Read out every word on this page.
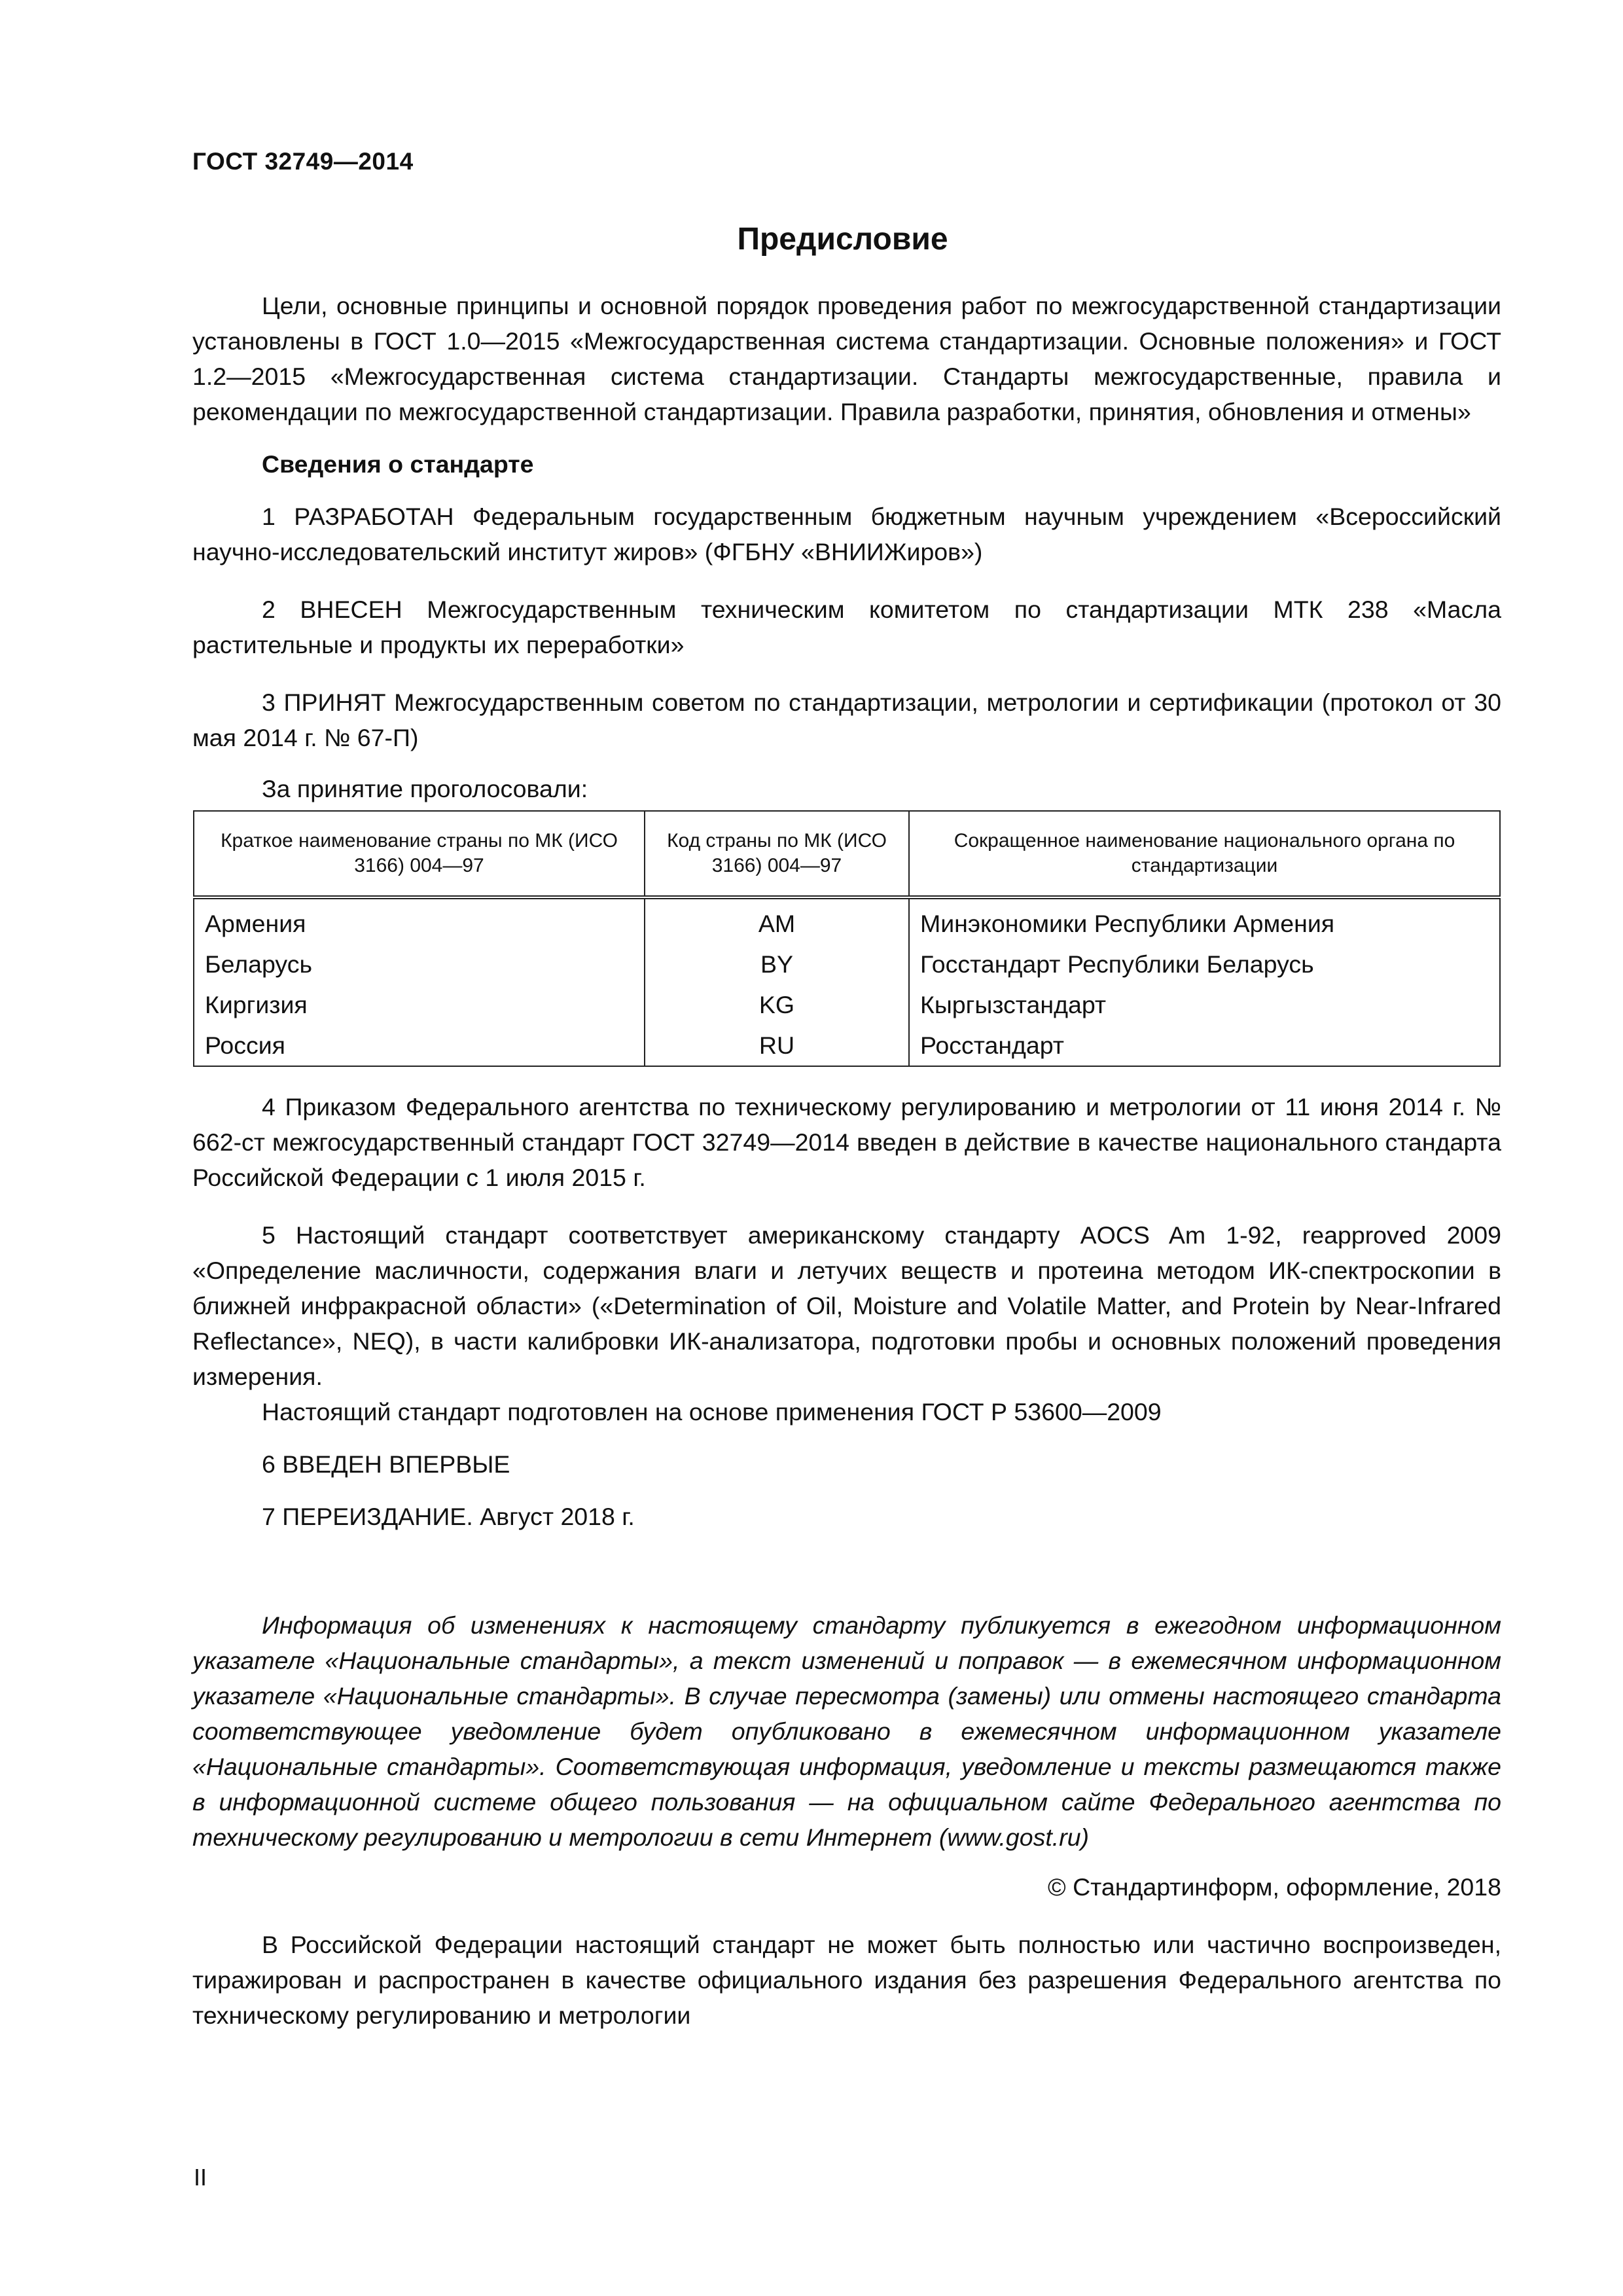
ГОСТ 32749—2014
Предисловие

Цели, основные принципы и основной порядок проведения работ по межгосударственной стандартизации установлены в ГОСТ 1.0—2015 «Межгосударственная система стандартизации. Основные положения» и ГОСТ 1.2—2015 «Межгосударственная система стандартизации. Стандарты межгосударственные, правила и рекомендации по межгосударственной стандартизации. Правила разработки, принятия, обновления и отмены»

Сведения о стандарте

1 РАЗРАБОТАН Федеральным государственным бюджетным научным учреждением «Всероссийский научно-исследовательский институт жиров» (ФГБНУ «ВНИИЖиров»)

2 ВНЕСЕН Межгосударственным техническим комитетом по стандартизации МТК 238 «Масла растительные и продукты их переработки»

3 ПРИНЯТ Межгосударственным советом по стандартизации, метрологии и сертификации (протокол от 30 мая 2014 г. № 67-П)

За принятие проголосовали:
Краткое наименование страны по МК (ИСО 3166) 004—97	Код страны по МК (ИСО 3166) 004—97	Сокращенное наименование национального органа по стандартизации
Армения	AM	Минэкономики Республики Армения
Беларусь	BY	Госстандарт Республики Беларусь
Киргизия	KG	Кыргызстандарт
Россия	RU	Росстандарт

4 Приказом Федерального агентства по техническому регулированию и метрологии от 11 июня 2014 г. № 662-ст межгосударственный стандарт ГОСТ 32749—2014 введен в действие в качестве национального стандарта Российской Федерации с 1 июля 2015 г.

5 Настоящий стандарт соответствует американскому стандарту AOCS Am 1-92, reapproved 2009 «Определение масличности, содержания влаги и летучих веществ и протеина методом ИК-спектроскопии в ближней инфракрасной области» («Determination of Oil, Moisture and Volatile Matter, and Protein by Near-Infrared Reflectance», NEQ), в части калибровки ИК-анализатора, подготовки пробы и основных положений проведения измерения.

Настоящий стандарт подготовлен на основе применения ГОСТ Р 53600—2009

6 ВВЕДЕН ВПЕРВЫЕ

7 ПЕРЕИЗДАНИЕ. Август 2018 г.

Информация об изменениях к настоящему стандарту публикуется в ежегодном информационном указателе «Национальные стандарты», а текст изменений и поправок — в ежемесячном информационном указателе «Национальные стандарты». В случае пересмотра (замены) или отмены настоящего стандарта соответствующее уведомление будет опубликовано в ежемесячном информационном указателе «Национальные стандарты». Соответствующая информация, уведомление и тексты размещаются также в информационной системе общего пользования — на официальном сайте Федерального агентства по техническому регулированию и метрологии в сети Интернет (www.gost.ru)

© Стандартинформ, оформление, 2018

В Российской Федерации настоящий стандарт не может быть полностью или частично воспроизведен, тиражирован и распространен в качестве официального издания без разрешения Федерального агентства по техническому регулированию и метрологии

II
